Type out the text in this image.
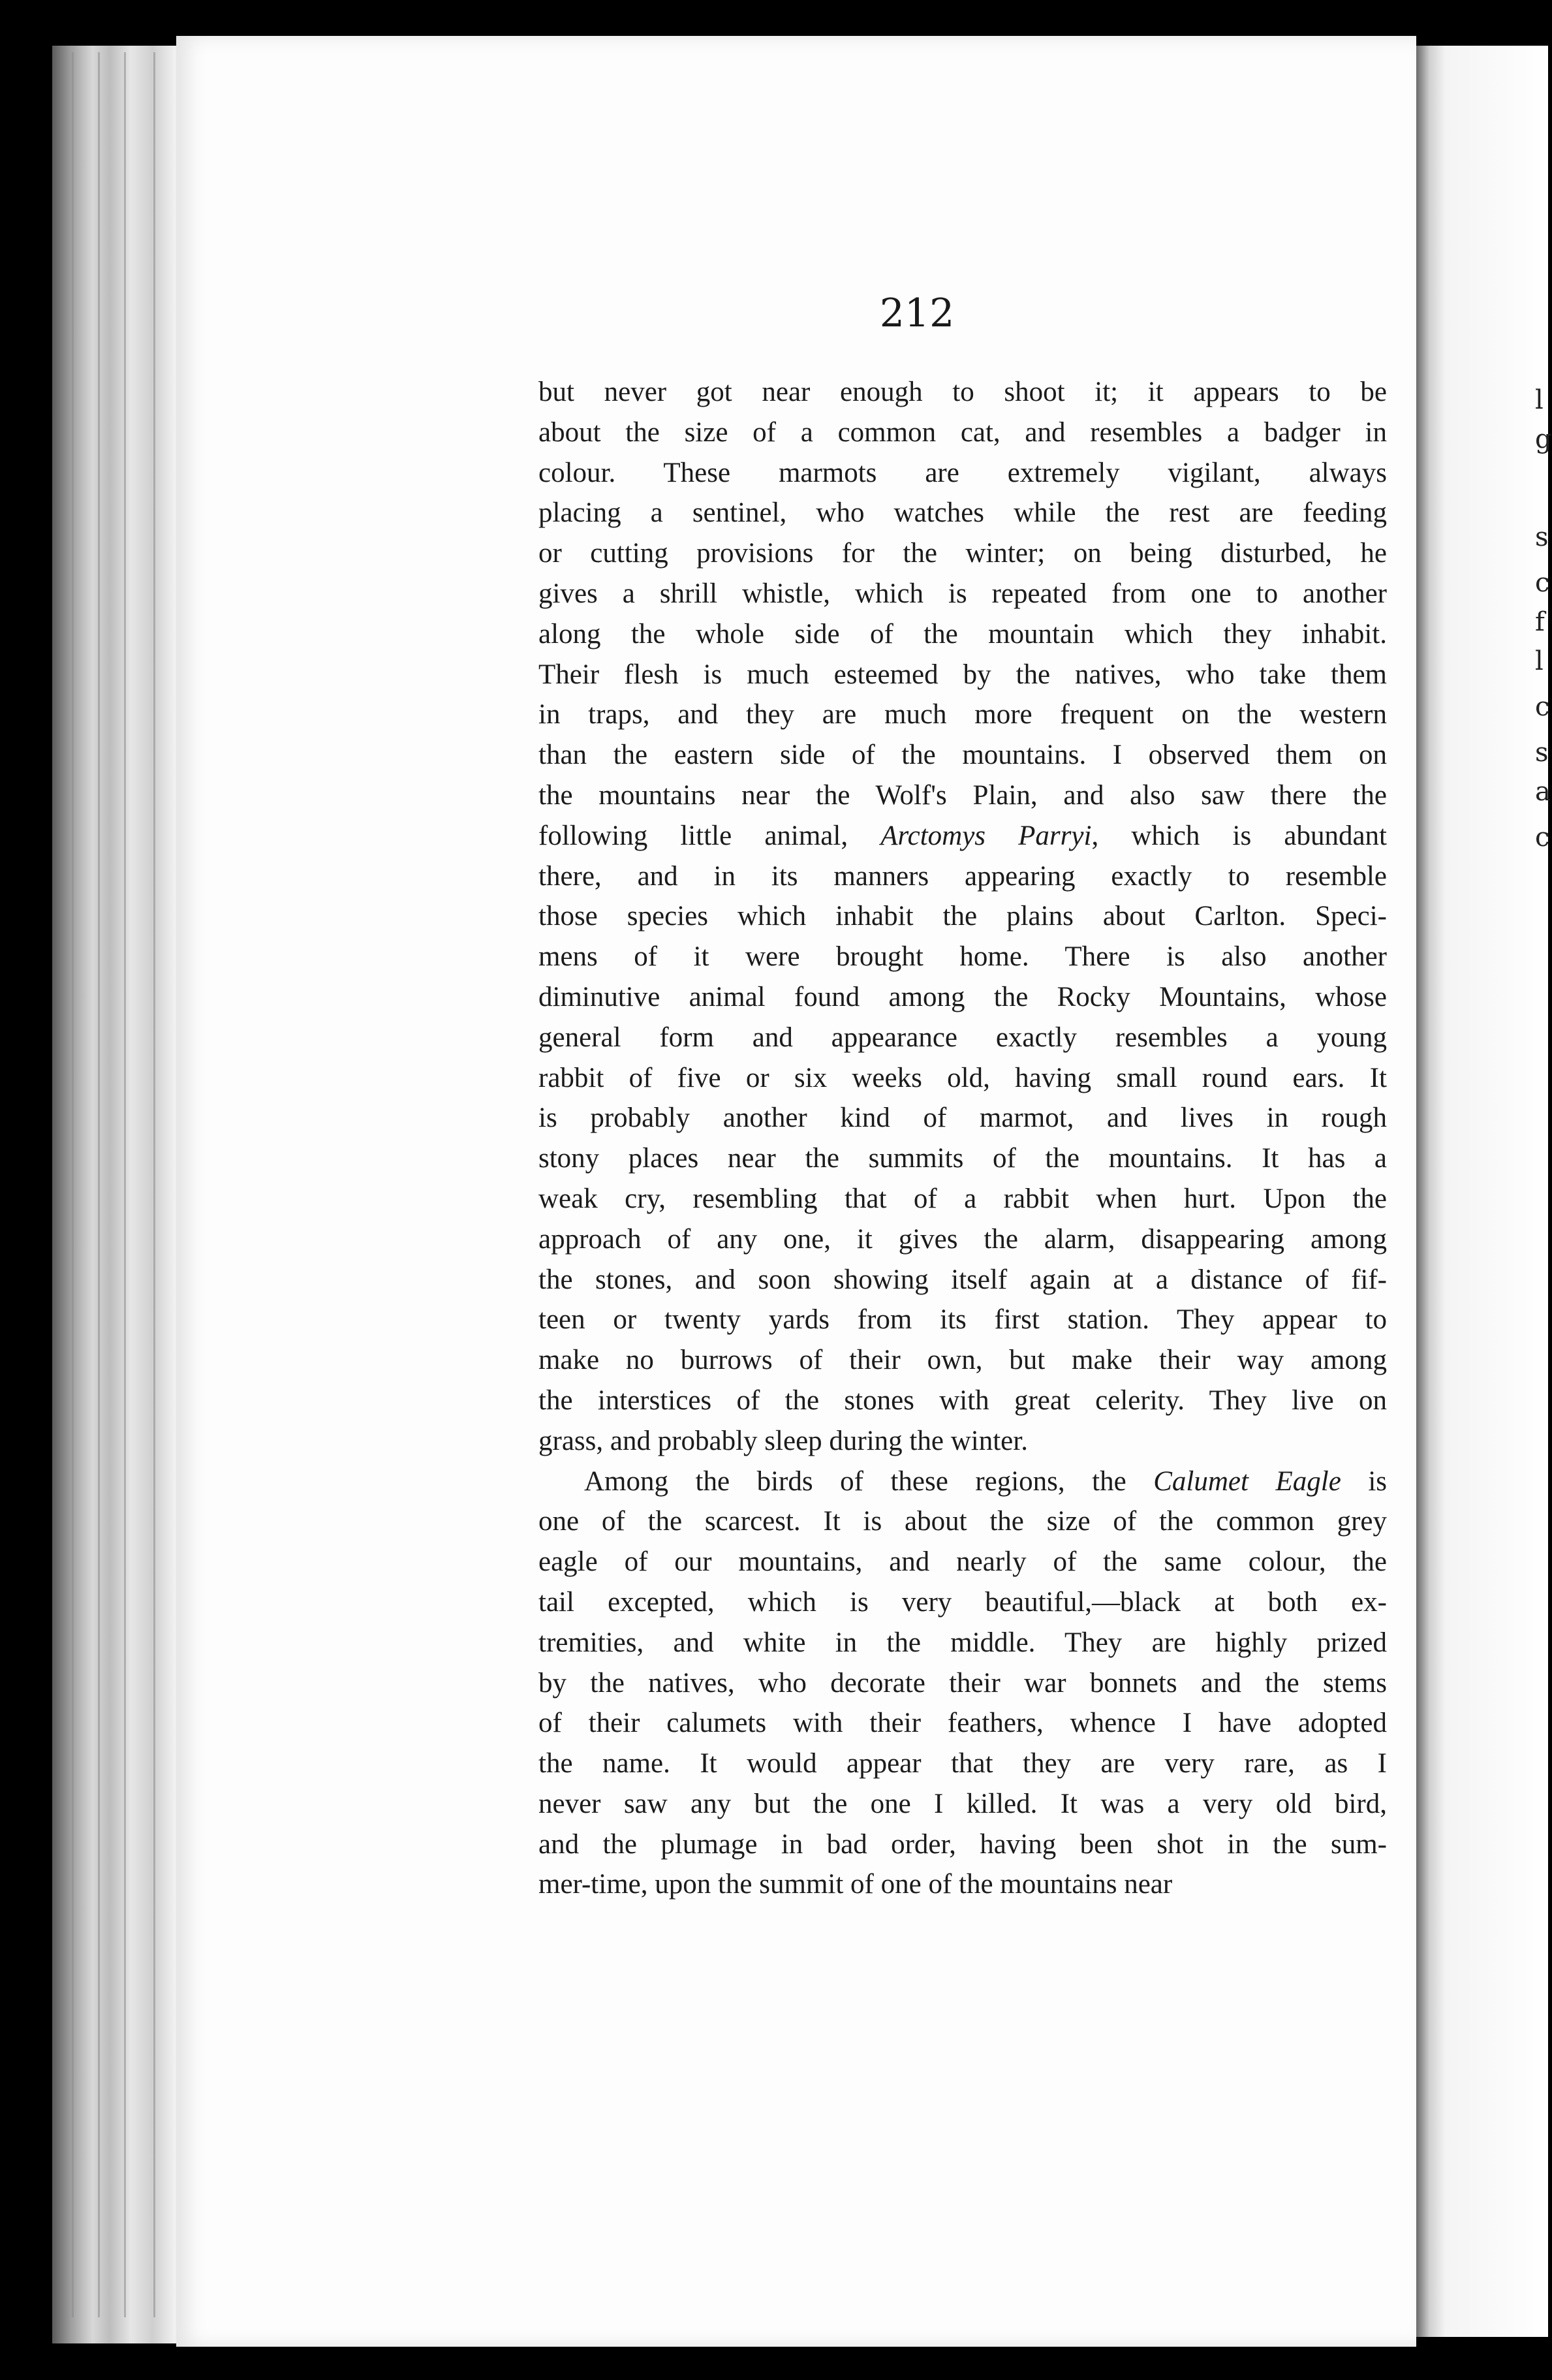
l
g
s
c
f
l
c
s
a
c
212
but never got near enough to shoot it; it appears to be
about the size of a common cat, and resembles a badger in
colour. These marmots are extremely vigilant, always
placing a sentinel, who watches while the rest are feeding
or cutting provisions for the winter; on being disturbed, he
gives a shrill whistle, which is repeated from one to another
along the whole side of the mountain which they inhabit.
Their flesh is much esteemed by the natives, who take them
in traps, and they are much more frequent on the western
than the eastern side of the mountains. I observed them on
the mountains near the Wolf's Plain, and also saw there the
following little animal, Arctomys Parryi, which is abundant
there, and in its manners appearing exactly to resemble
those species which inhabit the plains about Carlton. Speci-
mens of it were brought home. There is also another
diminutive animal found among the Rocky Mountains, whose
general form and appearance exactly resembles a young
rabbit of five or six weeks old, having small round ears. It
is probably another kind of marmot, and lives in rough
stony places near the summits of the mountains. It has a
weak cry, resembling that of a rabbit when hurt. Upon the
approach of any one, it gives the alarm, disappearing among
the stones, and soon showing itself again at a distance of fif-
teen or twenty yards from its first station. They appear to
make no burrows of their own, but make their way among
the interstices of the stones with great celerity. They live on
grass, and probably sleep during the winter.
Among the birds of these regions, the Calumet Eagle is
one of the scarcest. It is about the size of the common grey
eagle of our mountains, and nearly of the same colour, the
tail excepted, which is very beautiful,—black at both ex-
tremities, and white in the middle. They are highly prized
by the natives, who decorate their war bonnets and the stems
of their calumets with their feathers, whence I have adopted
the name. It would appear that they are very rare, as I
never saw any but the one I killed. It was a very old bird,
and the plumage in bad order, having been shot in the sum-
mer-time, upon the summit of one of the mountains near
